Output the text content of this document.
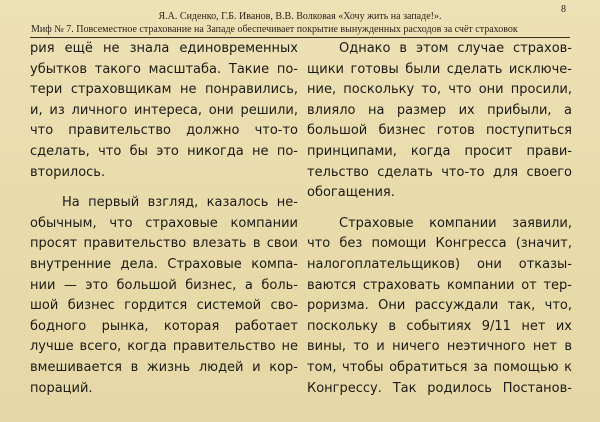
Я.А. Сиденко, Г.Б. Иванов, В.В. Волковая «Хочу жить на западе!».
Миф № 7. Повсеместное страхование на Западе обеспечивает покрытие вынужденных расходов за счёт страховок
8
рия ещё не знала единовременных
убытков такого масштаба. Такие по-
тери страховщикам не понравились,
и, из личного интереса, они решили,
что правительство должно что-то
сделать, что бы это никогда не по-
вторилось.
На первый взгляд, казалось не-
обычным, что страховые компании
просят правительство влезать в свои
внутренние дела. Страховые компа-
нии — это большой бизнес, а боль-
шой бизнес гордится системой сво-
бодного рынка, которая работает
лучше всего, когда правительство не
вмешивается в жизнь людей и кор-
пораций.
Однако в этом случае страхов-
щики готовы были сделать исключе-
ние, поскольку то, что они просили,
влияло на размер их прибыли, а
большой бизнес готов поступиться
принципами, когда просит прави-
тельство сделать что-то для своего
обогащения.
Страховые компании заявили,
что без помощи Конгресса (значит,
налогоплательщиков) они отказы-
ваются страховать компании от тер-
роризма. Они рассуждали так, что,
поскольку в событиях 9/11 нет их
вины, то и ничего неэтичного нет в
том, чтобы обратиться за помощью к
Конгрессу. Так родилось Постанов-
